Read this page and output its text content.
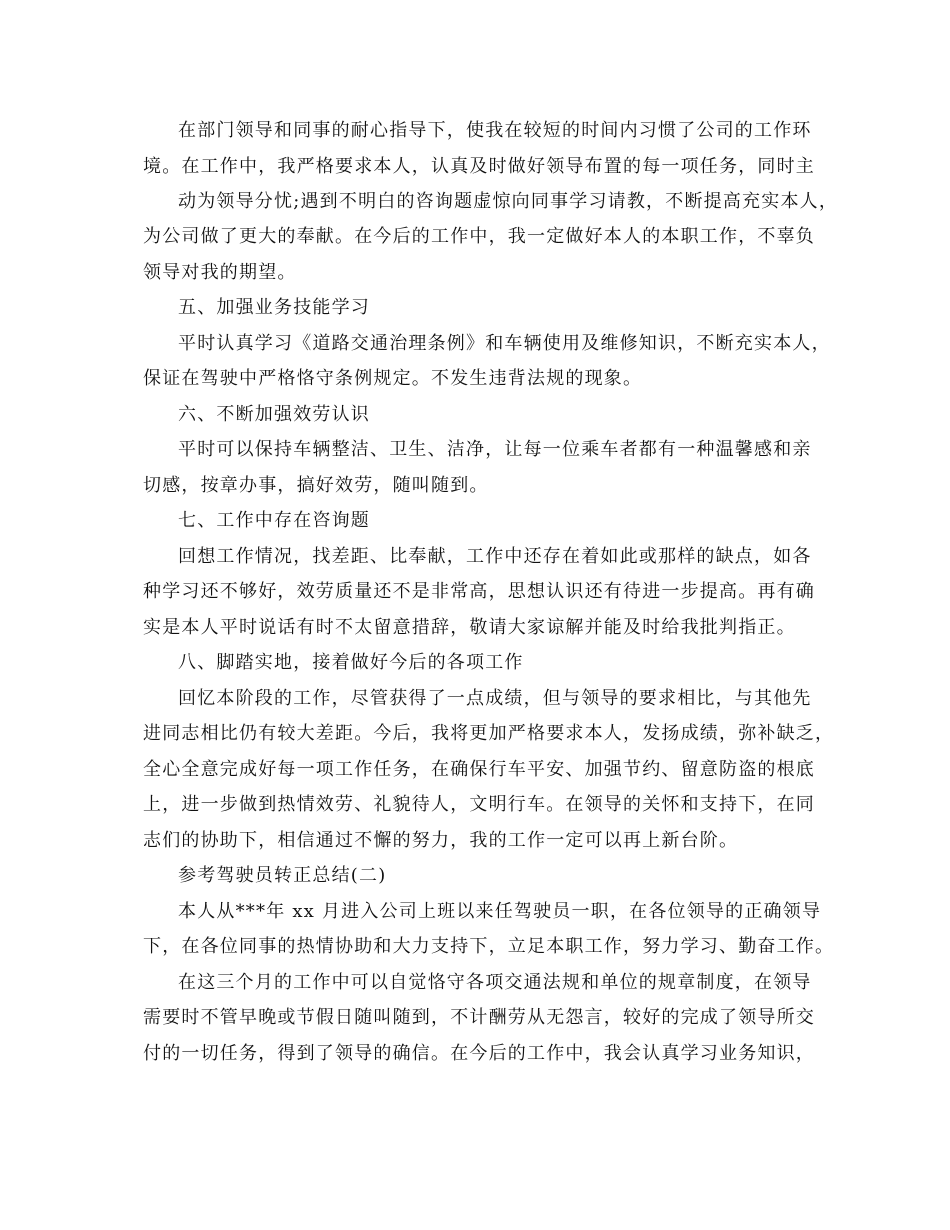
在部门领导和同事的耐心指导下，使我在较短的时间内习惯了公司的工作环
境。在工作中，我严格要求本人，认真及时做好领导布置的每一项任务，同时主
动为领导分忧;遇到不明白的咨询题虚惊向同事学习请教，不断提高充实本人，
为公司做了更大的奉献。在今后的工作中，我一定做好本人的本职工作，不辜负
领导对我的期望。
五、加强业务技能学习
平时认真学习《道路交通治理条例》和车辆使用及维修知识，不断充实本人，
保证在驾驶中严格恪守条例规定。不发生违背法规的现象。
六、不断加强效劳认识
平时可以保持车辆整洁、卫生、洁净，让每一位乘车者都有一种温馨感和亲
切感，按章办事，搞好效劳，随叫随到。
七、工作中存在咨询题
回想工作情况，找差距、比奉献，工作中还存在着如此或那样的缺点，如各
种学习还不够好，效劳质量还不是非常高，思想认识还有待进一步提高。再有确
实是本人平时说话有时不太留意措辞，敬请大家谅解并能及时给我批判指正。
八、脚踏实地，接着做好今后的各项工作
回忆本阶段的工作，尽管获得了一点成绩，但与领导的要求相比，与其他先
进同志相比仍有较大差距。今后，我将更加严格要求本人，发扬成绩，弥补缺乏，
全心全意完成好每一项工作任务，在确保行车平安、加强节约、留意防盗的根底
上，进一步做到热情效劳、礼貌待人，文明行车。在领导的关怀和支持下，在同
志们的协助下，相信通过不懈的努力，我的工作一定可以再上新台阶。
参考驾驶员转正总结(二)
本人从***年 xx 月进入公司上班以来任驾驶员一职，在各位领导的正确领导
下，在各位同事的热情协助和大力支持下，立足本职工作，努力学习、勤奋工作。
在这三个月的工作中可以自觉恪守各项交通法规和单位的规章制度，在领导
需要时不管早晚或节假日随叫随到，不计酬劳从无怨言，较好的完成了领导所交
付的一切任务，得到了领导的确信。在今后的工作中，我会认真学习业务知识，
